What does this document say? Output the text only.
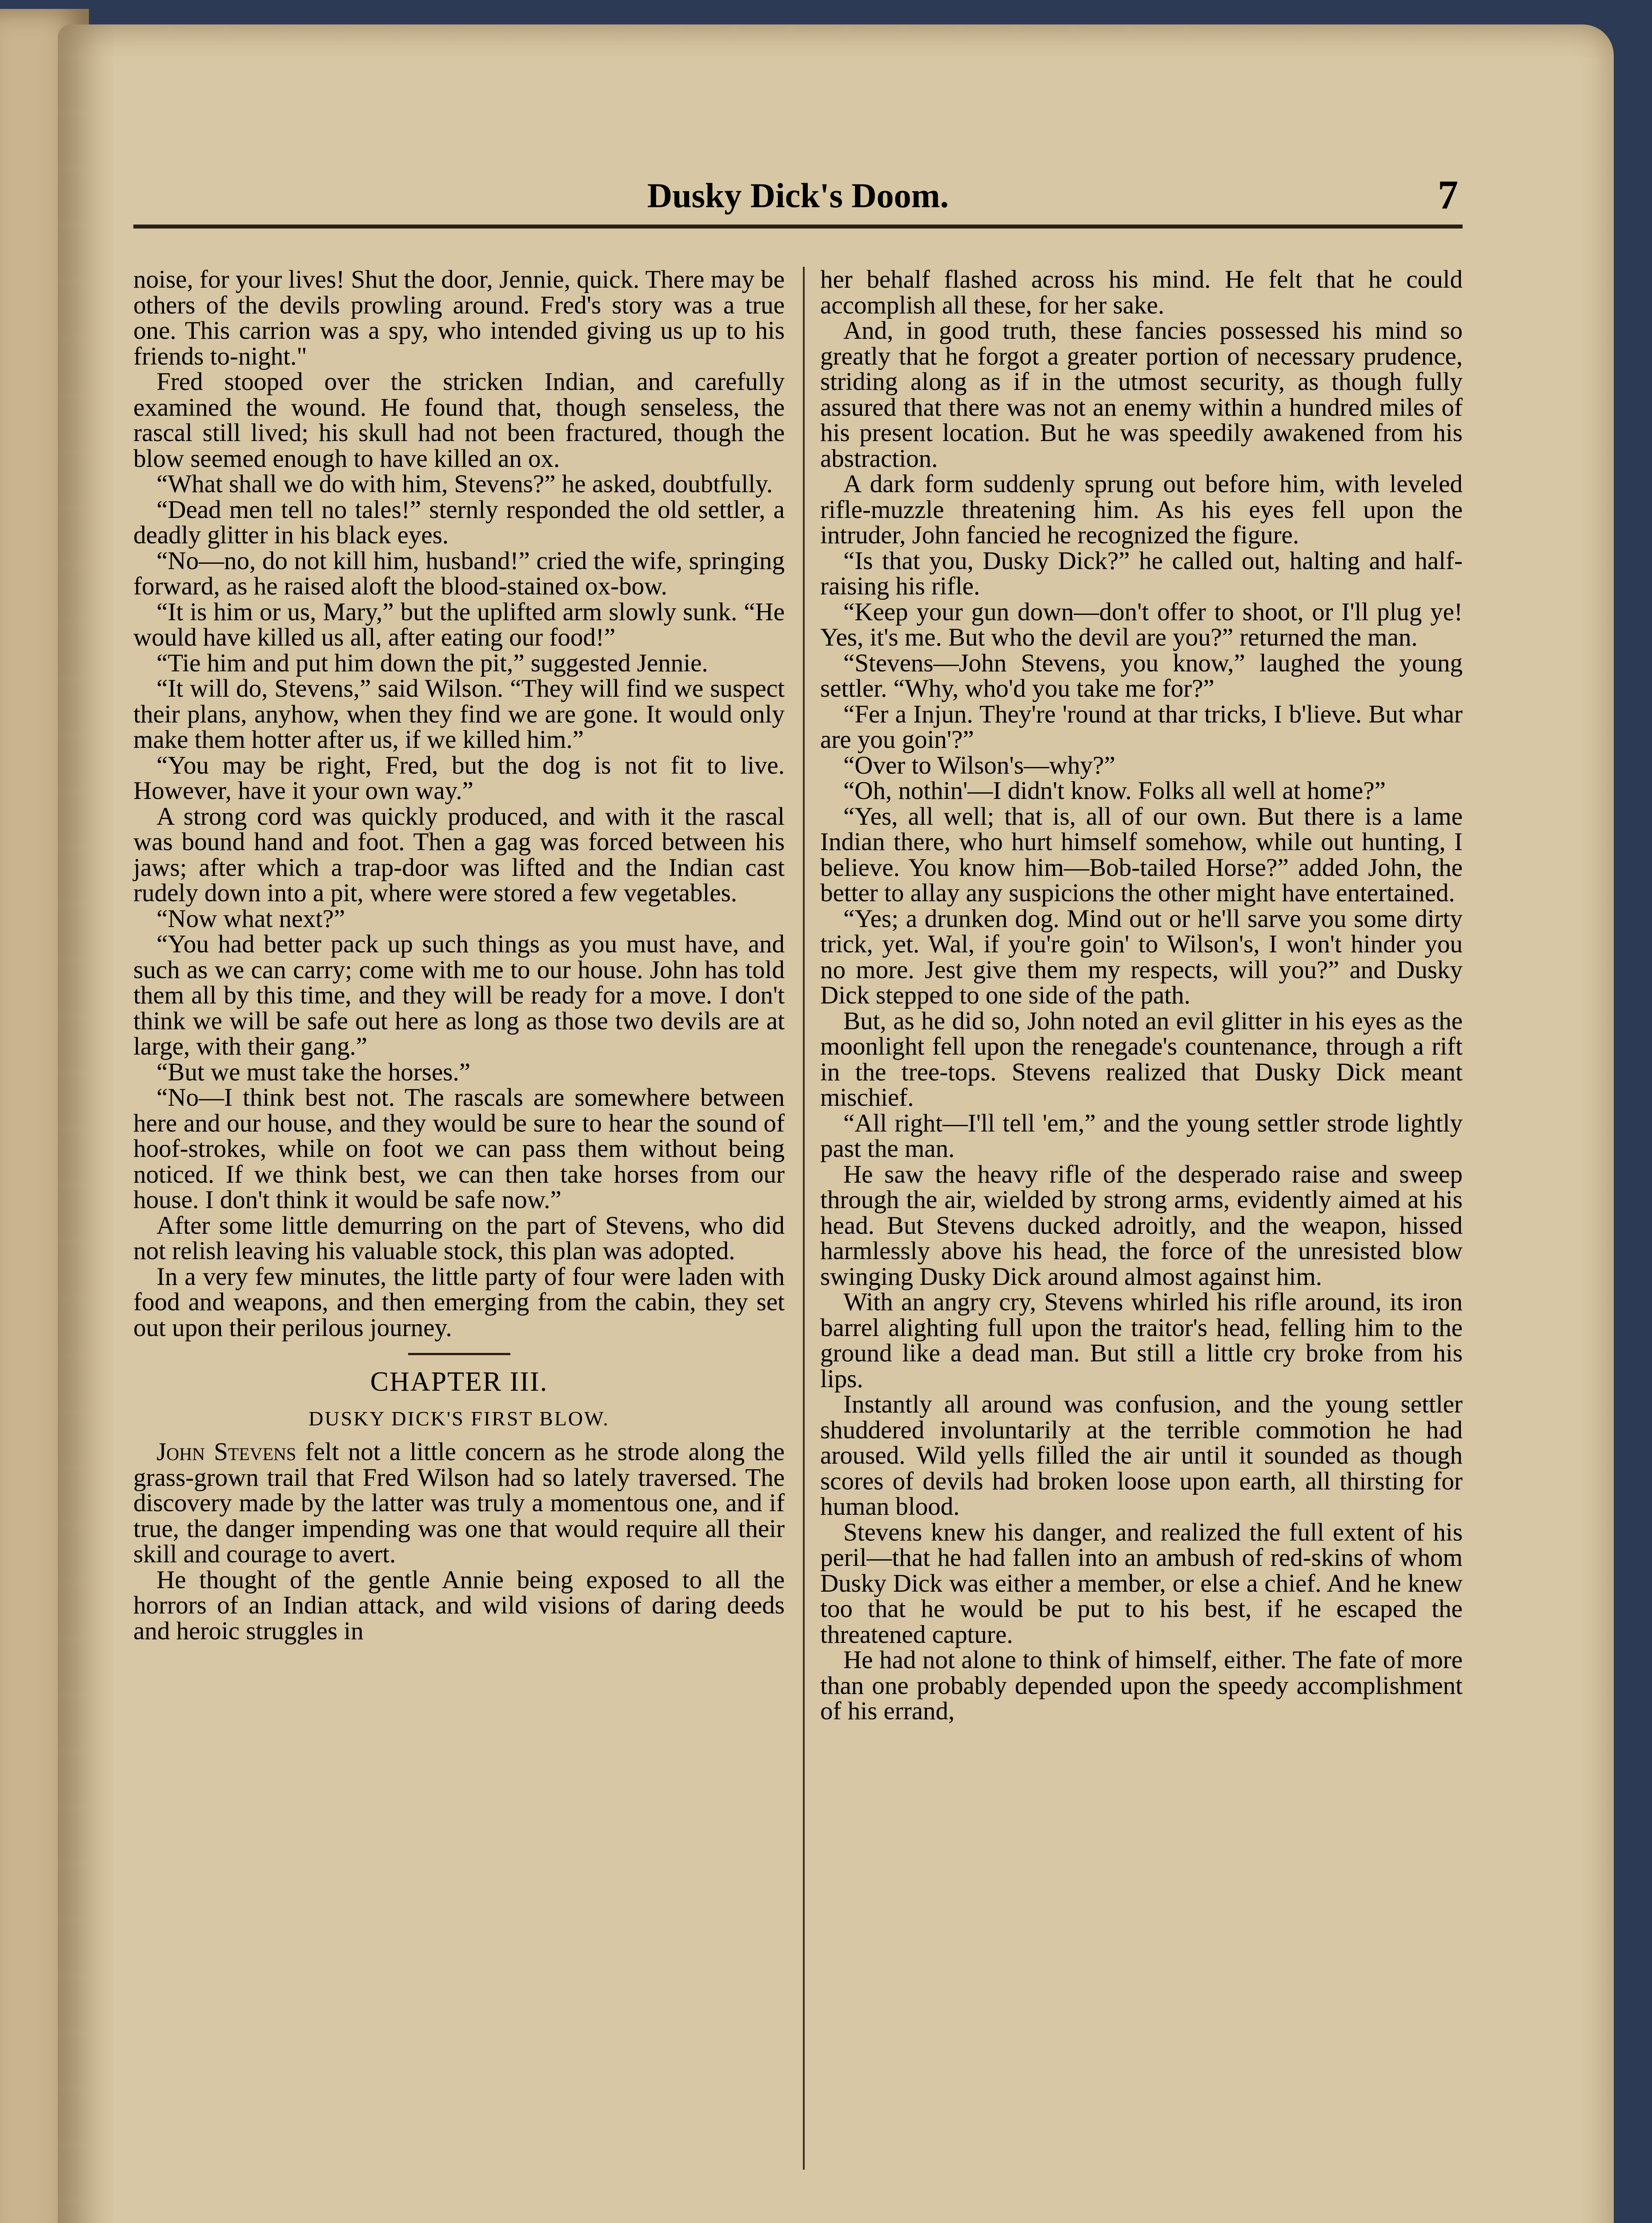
Dusky Dick's Doom.	7

noise, for your lives! Shut the door, Jennie, quick. There may be others of the devils prowling around. Fred's story was a true one. This carrion was a spy, who intended giving us up to his friends to-night."

Fred stooped over the stricken Indian, and carefully examined the wound. He found that, though senseless, the rascal still lived; his skull had not been fractured, though the blow seemed enough to have killed an ox.

“What shall we do with him, Stevens?” he asked, doubtfully.

“Dead men tell no tales!” sternly responded the old settler, a deadly glitter in his black eyes.

“No—no, do not kill him, husband!” cried the wife, springing forward, as he raised aloft the blood-stained ox-bow.

“It is him or us, Mary,” but the uplifted arm slowly sunk. “He would have killed us all, after eating our food!”

“Tie him and put him down the pit,” suggested Jennie.

“It will do, Stevens,” said Wilson. “They will find we suspect their plans, anyhow, when they find we are gone. It would only make them hotter after us, if we killed him.”

“You may be right, Fred, but the dog is not fit to live. However, have it your own way.”

A strong cord was quickly produced, and with it the rascal was bound hand and foot. Then a gag was forced between his jaws; after which a trap-door was lifted and the Indian cast rudely down into a pit, where were stored a few vegetables.

“Now what next?”

“You had better pack up such things as you must have, and such as we can carry; come with me to our house. John has told them all by this time, and they will be ready for a move. I don't think we will be safe out here as long as those two devils are at large, with their gang.”

“But we must take the horses.”

“No—I think best not. The rascals are somewhere between here and our house, and they would be sure to hear the sound of hoof-strokes, while on foot we can pass them without being noticed. If we think best, we can then take horses from our house. I don't think it would be safe now.”

After some little demurring on the part of Stevens, who did not relish leaving his valuable stock, this plan was adopted.

In a very few minutes, the little party of four were laden with food and weapons, and then emerging from the cabin, they set out upon their perilous journey.

CHAPTER III.
DUSKY DICK'S FIRST BLOW.

John Stevens felt not a little concern as he strode along the grass-grown trail that Fred Wilson had so lately traversed. The discovery made by the latter was truly a momentous one, and if true, the danger impending was one that would require all their skill and courage to avert.

He thought of the gentle Annie being exposed to all the horrors of an Indian attack, and wild visions of daring deeds and heroic struggles in

her behalf flashed across his mind. He felt that he could accomplish all these, for her sake.

And, in good truth, these fancies possessed his mind so greatly that he forgot a greater portion of necessary prudence, striding along as if in the utmost security, as though fully assured that there was not an enemy within a hundred miles of his present location. But he was speedily awakened from his abstraction.

A dark form suddenly sprung out before him, with leveled rifle-muzzle threatening him. As his eyes fell upon the intruder, John fancied he recognized the figure.

“Is that you, Dusky Dick?” he called out, halting and half-raising his rifle.

“Keep your gun down—don't offer to shoot, or I'll plug ye! Yes, it's me. But who the devil are you?” returned the man.

“Stevens—John Stevens, you know,” laughed the young settler. “Why, who'd you take me for?”

“Fer a Injun. They're 'round at thar tricks, I b'lieve. But whar are you goin'?”

“Over to Wilson's—why?”

“Oh, nothin'—I didn't know. Folks all well at home?”

“Yes, all well; that is, all of our own. But there is a lame Indian there, who hurt himself somehow, while out hunting, I believe. You know him—Bob-tailed Horse?” added John, the better to allay any suspicions the other might have entertained.

“Yes; a drunken dog. Mind out or he'll sarve you some dirty trick, yet. Wal, if you're goin' to Wilson's, I won't hinder you no more. Jest give them my respects, will you?” and Dusky Dick stepped to one side of the path.

But, as he did so, John noted an evil glitter in his eyes as the moonlight fell upon the renegade's countenance, through a rift in the tree-tops. Stevens realized that Dusky Dick meant mischief.

“All right—I'll tell 'em,” and the young settler strode lightly past the man.

He saw the heavy rifle of the desperado raise and sweep through the air, wielded by strong arms, evidently aimed at his head. But Stevens ducked adroitly, and the weapon, hissed harmlessly above his head, the force of the unresisted blow swinging Dusky Dick around almost against him.

With an angry cry, Stevens whirled his rifle around, its iron barrel alighting full upon the traitor's head, felling him to the ground like a dead man. But still a little cry broke from his lips.

Instantly all around was confusion, and the young settler shuddered involuntarily at the terrible commotion he had aroused. Wild yells filled the air until it sounded as though scores of devils had broken loose upon earth, all thirsting for human blood.

Stevens knew his danger, and realized the full extent of his peril—that he had fallen into an ambush of red-skins of whom Dusky Dick was either a member, or else a chief. And he knew too that he would be put to his best, if he escaped the threatened capture.

He had not alone to think of himself, either. The fate of more than one probably depended upon the speedy accomplishment of his errand,
